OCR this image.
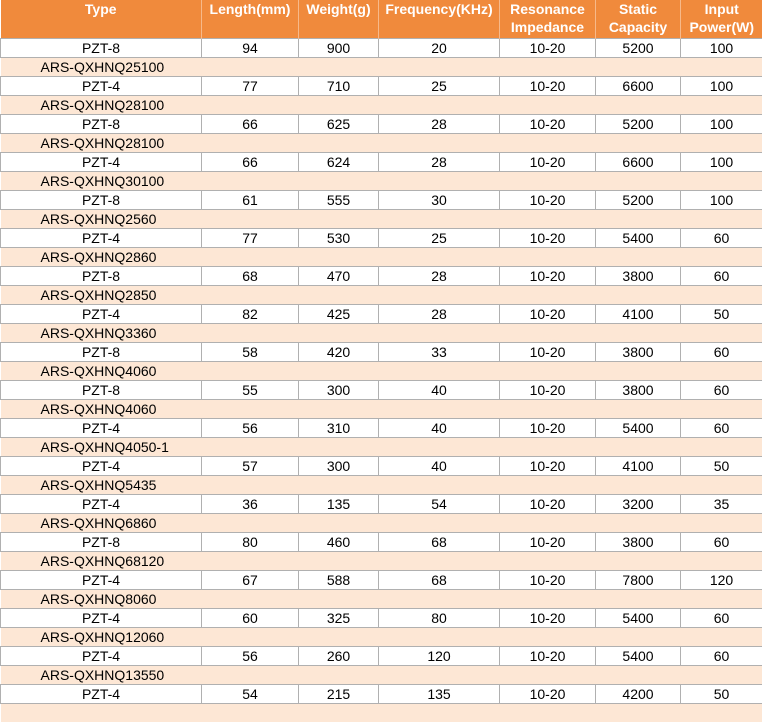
Type	Length(mm)	Weight(g)	Frequency(KHz)	Resonance Impedance	Static Capacity	Input Power(W)
PZT-8	94	900	20	10-20	5200	100
ARS-QXHNQ25100						
PZT-4	77	710	25	10-20	6600	100
ARS-QXHNQ28100						
PZT-8	66	625	28	10-20	5200	100
ARS-QXHNQ28100						
PZT-4	66	624	28	10-20	6600	100
ARS-QXHNQ30100						
PZT-8	61	555	30	10-20	5200	100
ARS-QXHNQ2560						
PZT-4	77	530	25	10-20	5400	60
ARS-QXHNQ2860						
PZT-8	68	470	28	10-20	3800	60
ARS-QXHNQ2850						
PZT-4	82	425	28	10-20	4100	50
ARS-QXHNQ3360						
PZT-8	58	420	33	10-20	3800	60
ARS-QXHNQ4060						
PZT-8	55	300	40	10-20	3800	60
ARS-QXHNQ4060						
PZT-4	56	310	40	10-20	5400	60
ARS-QXHNQ4050-1						
PZT-4	57	300	40	10-20	4100	50
ARS-QXHNQ5435						
PZT-4	36	135	54	10-20	3200	35
ARS-QXHNQ6860						
PZT-8	80	460	68	10-20	3800	60
ARS-QXHNQ68120						
PZT-4	67	588	68	10-20	7800	120
ARS-QXHNQ8060						
PZT-4	60	325	80	10-20	5400	60
ARS-QXHNQ12060						
PZT-4	56	260	120	10-20	5400	60
ARS-QXHNQ13550						
PZT-4	54	215	135	10-20	4200	50
